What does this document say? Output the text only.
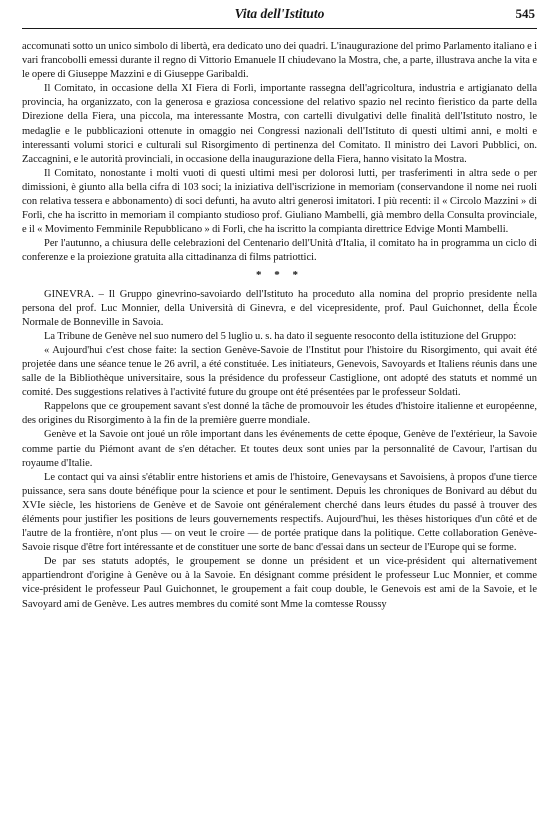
Vita dell'Istituto	545

accomunati sotto un unico simbolo di libertà, era dedicato uno dei quadri. L'inaugurazione del primo Parlamento italiano e i vari francobolli emessi durante il regno di Vittorio Emanuele II chiudevano la Mostra, che, a parte, illustrava anche la vita e le opere di Giuseppe Mazzini e di Giuseppe Garibaldi.

Il Comitato, in occasione della XI Fiera di Forlì, importante rassegna dell'agricoltura, industria e artigianato della provincia, ha organizzato, con la generosa e graziosa concessione del relativo spazio nel recinto fieristico da parte della Direzione della Fiera, una piccola, ma interessante Mostra, con cartelli divulgativi delle finalità dell'Istituto nostro, le medaglie e le pubblicazioni ottenute in omaggio nei Congressi nazionali dell'Istituto di questi ultimi anni, e molti e interessanti volumi storici e culturali sul Risorgimento di pertinenza del Comitato. Il ministro dei Lavori Pubblici, on. Zaccagnini, e le autorità provinciali, in occasione della inaugurazione della Fiera, hanno visitato la Mostra.

Il Comitato, nonostante i molti vuoti di questi ultimi mesi per dolorosi lutti, per trasferimenti in altra sede o per dimissioni, è giunto alla bella cifra di 103 soci; la iniziativa dell'iscrizione in memoriam (conservandone il nome nei ruoli con relativa tessera e abbonamento) di soci defunti, ha avuto altri generosi imitatori. I più recenti: il « Circolo Mazzini » di Forlì, che ha iscritto in memoriam il compianto studioso prof. Giuliano Mambelli, già membro della Consulta provinciale, e il « Movimento Femminile Repubblicano » di Forlì, che ha iscritto la compianta direttrice Edvige Monti Mambelli.

Per l'autunno, a chiusura delle celebrazioni del Centenario dell'Unità d'Italia, il comitato ha in programma un ciclo di conferenze e la proiezione gratuita alla cittadinanza di films patriottici.

* * *

GINEVRA. – Il Gruppo ginevrino-savoiardo dell'Istituto ha proceduto alla nomina del proprio presidente nella persona del prof. Luc Monnier, della Università di Ginevra, e del vicepresidente, prof. Paul Guichonnet, della École Normale de Bonneville in Savoia.

La Tribune de Genève nel suo numero del 5 luglio u. s. ha dato il seguente resoconto della istituzione del Gruppo:

« Aujourd'hui c'est chose faite: la section Genève-Savoie de l'Institut pour l'histoire du Risorgimento, qui avait été projetée dans une séance tenue le 26 avril, a été constituée. Les initiateurs, Genevois, Savoyards et Italiens réunis dans une salle de la Bibliothèque universitaire, sous la présidence du professeur Castiglione, ont adopté des statuts et nommé un comité. Des suggestions relatives à l'activité future du groupe ont été présentées par le professeur Soldati.

Rappelons que ce groupement savant s'est donné la tâche de promouvoir les études d'histoire italienne et européenne, des origines du Risorgimento à la fin de la première guerre mondiale.

Genève et la Savoie ont joué un rôle important dans les événements de cette époque, Genève de l'extérieur, la Savoie comme partie du Piémont avant de s'en détacher. Et toutes deux sont unies par la personnalité de Cavour, l'artisan du royaume d'Italie.

Le contact qui va ainsi s'établir entre historiens et amis de l'histoire, Genevaysans et Savoisiens, à propos d'une tierce puissance, sera sans doute bénéfique pour la science et pour le sentiment. Depuis les chroniques de Bonivard au début du XVIe siècle, les historiens de Genève et de Savoie ont généralement cherché dans leurs études du passé à trouver des éléments pour justifier les positions de leurs gouvernements respectifs. Aujourd'hui, les thèses historiques d'un côté et de l'autre de la frontière, n'ont plus — on veut le croire — de portée pratique dans la politique. Cette collaboration Genève-Savoie risque d'être fort intéressante et de constituer une sorte de banc d'essai dans un secteur de l'Europe qui se forme.

De par ses statuts adoptés, le groupement se donne un président et un vice-président qui alternativement appartiendront d'origine à Genève ou à la Savoie. En désignant comme président le professeur Luc Monnier, et comme vice-président le professeur Paul Guichonnet, le groupement a fait coup double, le Genevois est ami de la Savoie, et le Savoyard ami de Genève. Les autres membres du comité sont Mme la comtesse Roussy
